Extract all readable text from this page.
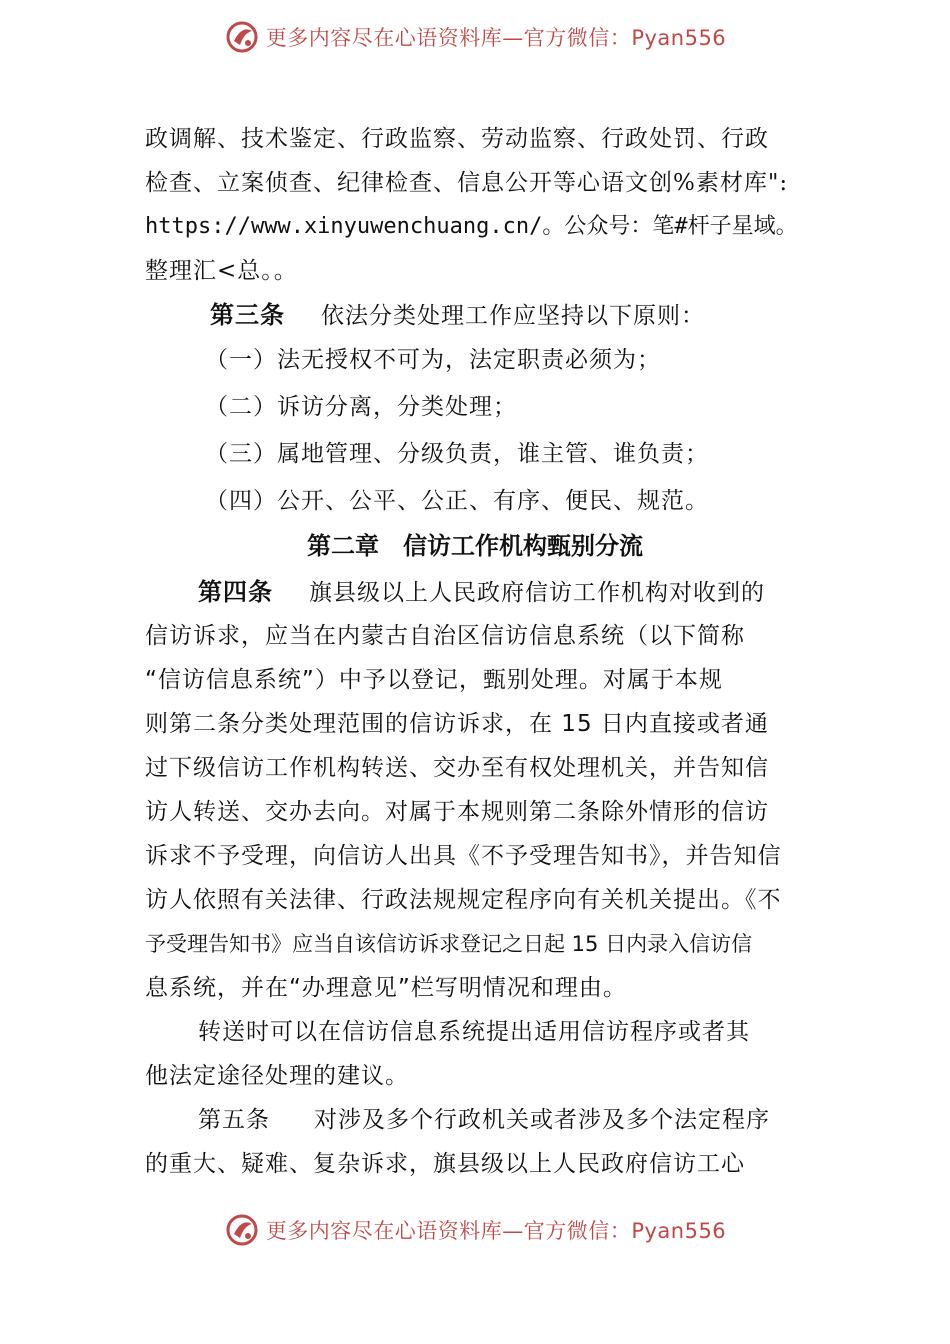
更多内容尽在心语资料库—官方微信：Pyan556
政调解、技术鉴定、行政监察、劳动监察、行政处罚、行政
检查、立案侦查、纪律检查、信息公开等心语文创%素材库":
https://www.xinyuwenchuang.cn/。公众号：笔#杆子星域。
整理汇<总。。
第三条 依法分类处理工作应坚持以下原则：
（一）法无授权不可为，法定职责必须为；
（二）诉访分离，分类处理；
（三）属地管理、分级负责，谁主管、谁负责；
（四）公开、公平、公正、有序、便民、规范。
第二章 信访工作机构甄别分流
第四条 旗县级以上人民政府信访工作机构对收到的
信访诉求，应当在内蒙古自治区信访信息系统（以下简称
“信访信息系统”）中予以登记，甄别处理。对属于本规
则第二条分类处理范围的信访诉求，在 15 日内直接或者通
过下级信访工作机构转送、交办至有权处理机关，并告知信
访人转送、交办去向。对属于本规则第二条除外情形的信访
诉求不予受理，向信访人出具《不予受理告知书》，并告知信
访人依照有关法律、行政法规规定程序向有关机关提出。《不
予受理告知书》应当自该信访诉求登记之日起 15 日内录入信访信
息系统，并在“办理意见”栏写明情况和理由。
转送时可以在信访信息系统提出适用信访程序或者其
他法定途径处理的建议。
第五条 对涉及多个行政机关或者涉及多个法定程序
的重大、疑难、复杂诉求，旗县级以上人民政府信访工心
更多内容尽在心语资料库—官方微信：Pyan556
